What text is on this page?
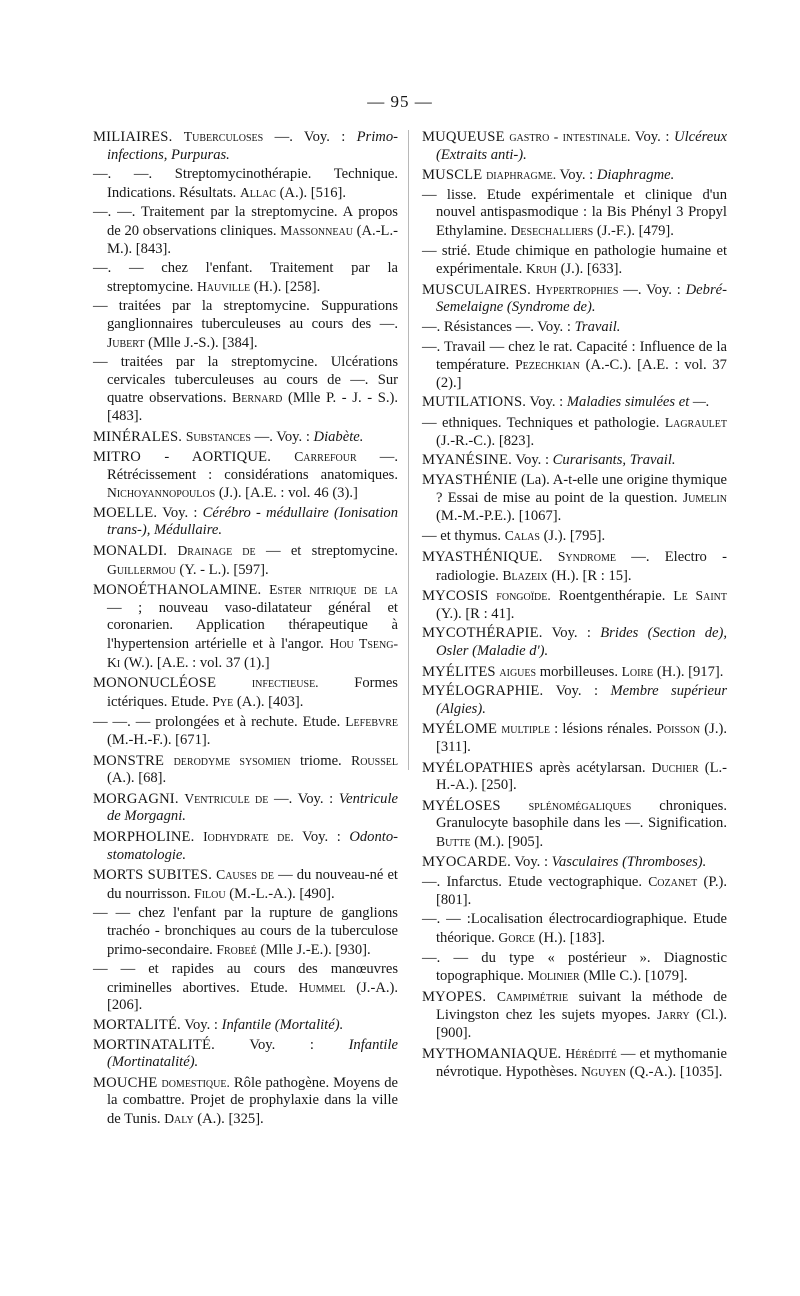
— 95 —

MILIAIRES. Tuberculoses —. Voy. : Primo-infections, Purpuras.

—. —. Streptomycinothérapie. Technique. Indications. Résultats. Allac (A.). [516].

—. —. Traitement par la streptomycine. A propos de 20 observations cliniques. Massonneau (A.-L.-M.). [843].

—. — chez l'enfant. Traitement par la streptomycine. Hauville (H.). [258].

— traitées par la streptomycine. Suppurations ganglionnaires tuberculeuses au cours des —. Jubert (Mlle J.-S.). [384].

— traitées par la streptomycine. Ulcérations cervicales tuberculeuses au cours de —. Sur quatre observations. Bernard (Mlle P. - J. - S.). [483].

MINÉRALES. Substances —. Voy. : Diabète.

MITRO - AORTIQUE. Carrefour —. Rétrécissement : considérations anatomiques. Nichoyannopoulos (J.). [A.E. : vol. 46 (3).]

MOELLE. Voy. : Cérébro - médullaire (Ionisation trans-), Médullaire.

MONALDI. Drainage de — et streptomycine. Guillermou (Y. - L.). [597].

MONOÉTHANOLAMINE. Ester nitrique de la — ; nouveau vaso-dilatateur général et coronarien. Application thérapeutique à l'hypertension artérielle et à l'angor. Hou Tseng-Ki (W.). [A.E. : vol. 37 (1).]

MONONUCLÉOSE	infectieuse. Formes ictériques. Etude. Pye (A.). [403].

— —. — prolongées et à rechute. Etude. Lefebvre (M.-H.-F.). [671].

MONSTRE derodyme sysomien triome. Roussel (A.). [68].

MORGAGNI. Ventricule de —. Voy. : Ventricule de Morgagni.

MORPHOLINE. Iodhydrate de. Voy. : Odonto-stomatologie.

MORTS SUBITES. Causes de — du nouveau-né et du nourrisson. Filou (M.-L.-A.). [490].

— — chez l'enfant par la rupture de ganglions trachéo - bronchiques au cours de la tuberculose primo-secondaire. Frobeé (Mlle J.-E.). [930].

— — et rapides au cours des manœuvres criminelles abortives. Etude. Hummel (J.-A.). [206].

MORTALITÉ. Voy. : Infantile (Mortalité).

MORTINATALITÉ. Voy. : Infantile (Mortinatalité).

MOUCHE domestique. Rôle pathogène. Moyens de la combattre. Projet de prophylaxie dans la ville de Tunis. Daly (A.). [325].

MUQUEUSE gastro - intestinale. Voy. : Ulcéreux (Extraits anti-).

MUSCLE diaphragme. Voy. : Diaphragme.

— lisse. Etude expérimentale et clinique d'un nouvel antispasmodique : la Bis Phényl 3 Propyl Ethylamine. Desechalliers (J.-F.). [479].

— strié. Etude chimique en pathologie humaine et expérimentale. Kruh (J.). [633].

MUSCULAIRES. Hypertrophies —. Voy. : Debré-Semelaigne (Syndrome de).

—. Résistances —. Voy. : Travail.

—. Travail — chez le rat. Capacité : Influence de la température. Pezechkian (A.-C.). [A.E. : vol. 37 (2).]

MUTILATIONS. Voy. : Maladies simulées et —.

— ethniques. Techniques et pathologie. Lagraulet (J.-R.-C.). [823].

MYANÉSINE. Voy. : Curarisants, Travail.

MYASTHÉNIE (La). A-t-elle une origine thymique ? Essai de mise au point de la question. Jumelin (M.-M.-P.E.). [1067].

— et thymus. Calas (J.). [795].

MYASTHÉNIQUE. Syndrome —. Electro - radiologie. Blazeix (H.). [R : 15].

MYCOSIS fongoïde. Roentgenthérapie. Le Saint (Y.). [R : 41].

MYCOTHÉRAPIE. Voy. : Brides (Section de), Osler (Maladie d').

MYÉLITES aigues morbilleuses. Loire (H.). [917].

MYÉLOGRAPHIE. Voy. : Membre supérieur (Algies).

MYÉLOME multiple : lésions rénales. Poisson (J.). [311].

MYÉLOPATHIES après acétylarsan. Duchier (L.-H.-A.). [250].

MYÉLOSES splénomégaliques chroniques. Granulocyte basophile dans les —. Signification. Butte (M.). [905].

MYOCARDE. Voy. : Vasculaires (Thromboses).

—. Infarctus. Etude vectographique. Cozanet (P.). [801].

—. — :Localisation électrocardiographique. Etude théorique. Gorce (H.). [183].

—. — du type « postérieur ». Diagnostic topographique. Molinier (Mlle C.). [1079].

MYOPES. Campimétrie suivant la méthode de Livingston chez les sujets myopes. Jarry (Cl.). [900].

MYTHOMANIAQUE. Hérédité — et mythomanie névrotique. Hypothèses. Nguyen (Q.-A.). [1035].
